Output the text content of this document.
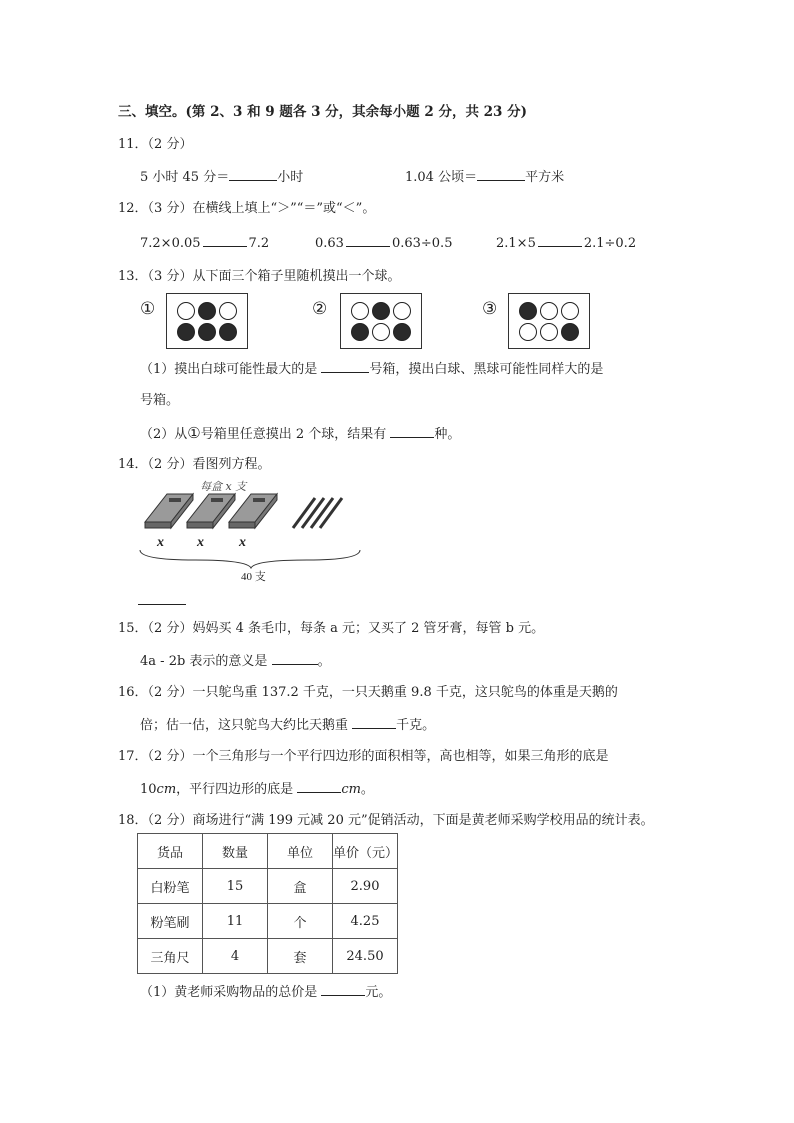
三、填空。(第 2、3 和 9 题各 3 分，其余每小题 2 分，共 23 分)
11．（2 分）
5 小时 45 分＝	小时	1.04 公顷＝	平方米
12．（3 分）在横线上填上“＞”“＝”或“＜”。
7.2×0.05	7.2	0.63	0.63÷0.5	2.1×5	2.1÷0.2
13．（3 分）从下面三个箱子里随机摸出一个球。
①	②	③
（1）摸出白球可能性最大的是	号箱，摸出白球、黑球可能性同样大的是
号箱。
（2）从①号箱里任意摸出 2 个球，结果有	种。
14．（2 分）看图列方程。
每盒 x 支
x x	x
40 支
15．（2 分）妈妈买 4 条毛巾，每条 a 元；又买了 2 管牙膏，每管 b 元。
4a - 2b 表示的意义是	。
16．（2 分）一只鸵鸟重 137.2 千克，一只天鹅重 9.8 千克，这只鸵鸟的体重是天鹅的
倍；估一估，这只鸵鸟大约比天鹅重	千克。
17．（2 分）一个三角形与一个平行四边形的面积相等，高也相等，如果三角形的底是
10cm，平行四边形的底是	cm。
18．（2 分）商场进行“满 199 元减 20 元”促销活动，下面是黄老师采购学校用品的统计表。
货品	数量	单位	单价（元）
白粉笔	15	盒	2.90
粉笔刷	11	个	4.25
三角尺	4	套	24.50
（1）黄老师采购物品的总价是	元。
